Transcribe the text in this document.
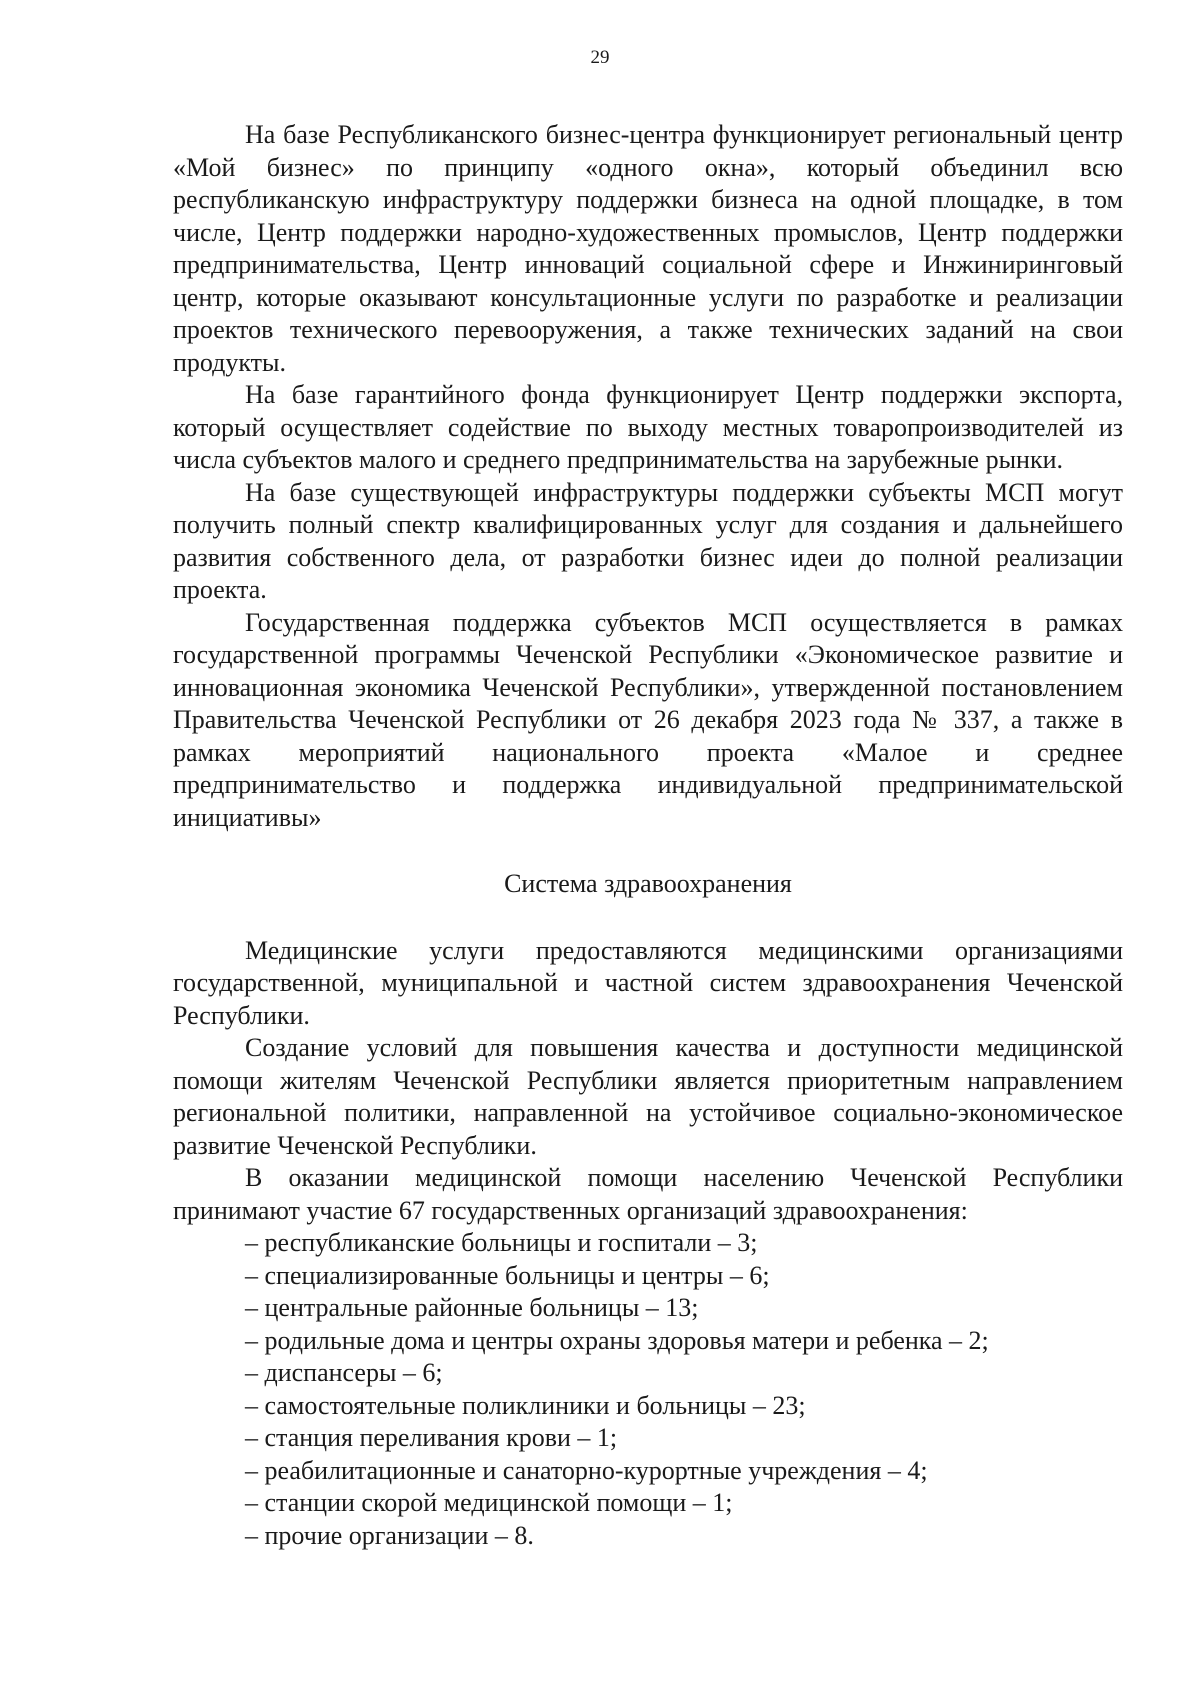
29

На базе Республиканского бизнес-центра функционирует региональный центр «Мой бизнес» по принципу «одного окна», который объединил всю республиканскую инфраструктуру поддержки бизнеса на одной площадке, в том числе, Центр поддержки народно-художественных промыслов, Центр поддержки предпринимательства, Центр инноваций социальной сфере и Инжиниринговый центр, которые оказывают консультационные услуги по разработке и реализации проектов технического перевооружения, а также технических заданий на свои продукты.

На базе гарантийного фонда функционирует Центр поддержки экспорта, который осуществляет содействие по выходу местных товаропроизводителей из числа субъектов малого и среднего предпринимательства на зарубежные рынки.

На базе существующей инфраструктуры поддержки субъекты МСП могут получить полный спектр квалифицированных услуг для создания и дальнейшего развития собственного дела, от разработки бизнес идеи до полной реализации проекта.

Государственная поддержка субъектов МСП осуществляется в рамках государственной программы Чеченской Республики «Экономическое развитие и инновационная экономика Чеченской Республики», утвержденной постановлением Правительства Чеченской Республики от 26 декабря 2023 года № 337, а также в рамках мероприятий национального проекта «Малое и среднее предпринимательство и поддержка индивидуальной предпринимательской инициативы»

Система здравоохранения

Медицинские услуги предоставляются медицинскими организациями государственной, муниципальной и частной систем здравоохранения Чеченской Республики.

Создание условий для повышения качества и доступности медицинской помощи жителям Чеченской Республики является приоритетным направлением региональной политики, направленной на устойчивое социально-экономическое развитие Чеченской Республики.

В оказании медицинской помощи населению Чеченской Республики принимают участие 67 государственных организаций здравоохранения:

– республиканские больницы и госпитали – 3;
– специализированные больницы и центры – 6;
– центральные районные больницы – 13;
– родильные дома и центры охраны здоровья матери и ребенка – 2;
– диспансеры – 6;
– самостоятельные поликлиники и больницы – 23;
– станция переливания крови – 1;
– реабилитационные и санаторно-курортные учреждения – 4;
– станции скорой медицинской помощи – 1;
– прочие организации – 8.
